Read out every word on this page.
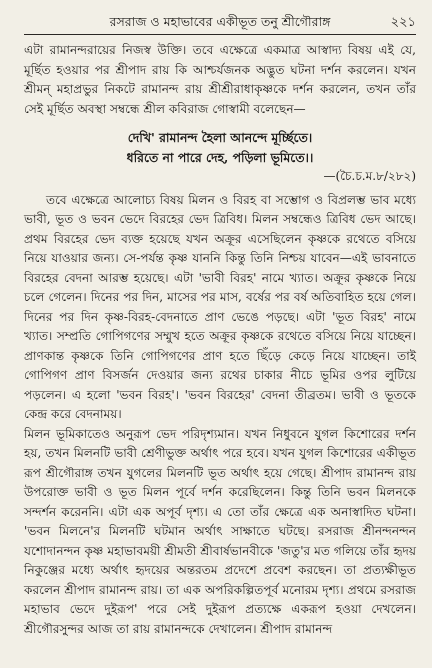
রসরাজ ও মহাভাবের একীভূত তনু শ্রীগৌরাঙ্গ	২২১

এটা রামানন্দরায়ের নিজস্ব উক্তি। তবে এক্ষেত্রে একমাত্র আস্বাদ্য বিষয় এই যে, মূর্ছিত হওয়ার পর শ্রীপাদ রায় কি আশ্চর্যজনক অদ্ভুত ঘটনা দর্শন করলেন। যখন শ্রীমন্ মহাপ্রভুর নিকটে রামানন্দ রায় শ্রীশ্রীরাধাকৃষ্ণকে দর্শন করলেন, তখন তাঁর সেই মূর্ছিত অবস্থা সম্বন্ধে শ্রীল কবিরাজ গোস্বামী বলেছেন—

দেখি' রামানন্দ হৈলা আনন্দে মূর্চ্ছিতে।
ধরিতে না পারে দেহ, পড়িলা ভূমিতে।।
—(চৈ.চ.ম.৮/২৮২)

তবে এক্ষেত্রে আলোচ্য বিষয় মিলন ও বিরহ বা সম্ভোগ ও বিপ্রলম্ভ ভাব মধ্যে ভাবী, ভূত ও ভবন ভেদে বিরহের ভেদ ত্রিবিধ। মিলন সম্বন্ধেও ত্রিবিধ ভেদ আছে। প্রথম বিরহের ভেদ ব্যক্ত হয়েছে যখন অক্রূর এসেছিলেন কৃষ্ণকে রথেতে বসিয়ে নিয়ে যাওয়ার জন্য। সে-পর্যন্ত কৃষ্ণ যাননি কিন্তু তিনি নিশ্চয় যাবেন—এই ভাবনাতে বিরহের বেদনা আরম্ভ হয়েছে। এটা 'ভাবী বিরহ' নামে খ্যাত। অক্রূর কৃষ্ণকে নিয়ে চলে গেলেন। দিনের পর দিন, মাসের পর মাস, বর্ষের পর বর্ষ অতিবাহিত হয়ে গেল। দিনের পর দিন কৃষ্ণ-বিরহ-বেদনাতে প্রাণ ভেঙে পড়ছে। এটা 'ভূত বিরহ' নামে খ্যাত। সম্প্রতি গোপিগণের সম্মুখ হতে অক্রূর কৃষ্ণকে রথেতে বসিয়ে নিয়ে যাচ্ছেন। প্রাণকান্ত কৃষ্ণকে তিনি গোপিগণের প্রাণ হতে ছিঁড়ে কেড়ে নিয়ে যাচ্ছেন। তাই গোপিগণ প্রাণ বিসর্জন দেওয়ার জন্য রথের চাকার নীচে ভূমির ওপর লুটিয়ে পড়লেন। এ হলো 'ভবন বিরহ'। 'ভবন বিরহের' বেদনা তীব্রতম। ভাবী ও ভূতকে কেন্দ্র করে বেদনাময়।

মিলন ভূমিকাতেও অনুরূপ ভেদ পরিদৃশ্যমান। যখন নিধুবনে যুগল কিশোরের দর্শন হয়, তখন মিলনটি ভাবী শ্রেণীভুক্ত অর্থাৎ পরে হবে। যখন যুগল কিশোরের একীভূত রূপ শ্রীগৌরাঙ্গ তখন যুগলের মিলনটি ভূত অর্থাৎ হয়ে গেছে। শ্রীপাদ রামানন্দ রায় উপরোক্ত ভাবী ও ভূত মিলন পূর্বে দর্শন করেছিলেন। কিন্তু তিনি ভবন মিলনকে সন্দর্শন করেননি। এটা এক অপূর্ব দৃশ্য। এ তো তাঁর ক্ষেত্রে এক অনাস্বাদিত ঘটনা। 'ভবন মিলনে'র মিলনটি ঘটমান অর্থাৎ সাক্ষাতে ঘটছে। রসরাজ শ্রীনন্দনন্দন যশোদানন্দন কৃষ্ণ মহাভাবময়ী শ্রীমতী শ্রীবার্ষভানবীকে 'জতু'র মত গলিয়ে তাঁর হৃদয় নিকুঞ্জের মধ্যে অর্থাৎ হৃদয়ের অন্তরতম প্রদেশে প্রবেশ করছেন। তা প্রত্যক্ষীভূত করলেন শ্রীপাদ রামানন্দ রায়। তা এক অপরিকল্পিতপূর্ব মনোরম দৃশ্য। প্রথমে রসরাজ মহাভাব ভেদে দুইরূপ' পরে সেই দুইরূপ প্রত্যক্ষে একরূপ হওয়া দেখলেন। শ্রীগৌরসুন্দর আজ তা রায় রামানন্দকে দেখালেন। শ্রীপাদ রামানন্দ
